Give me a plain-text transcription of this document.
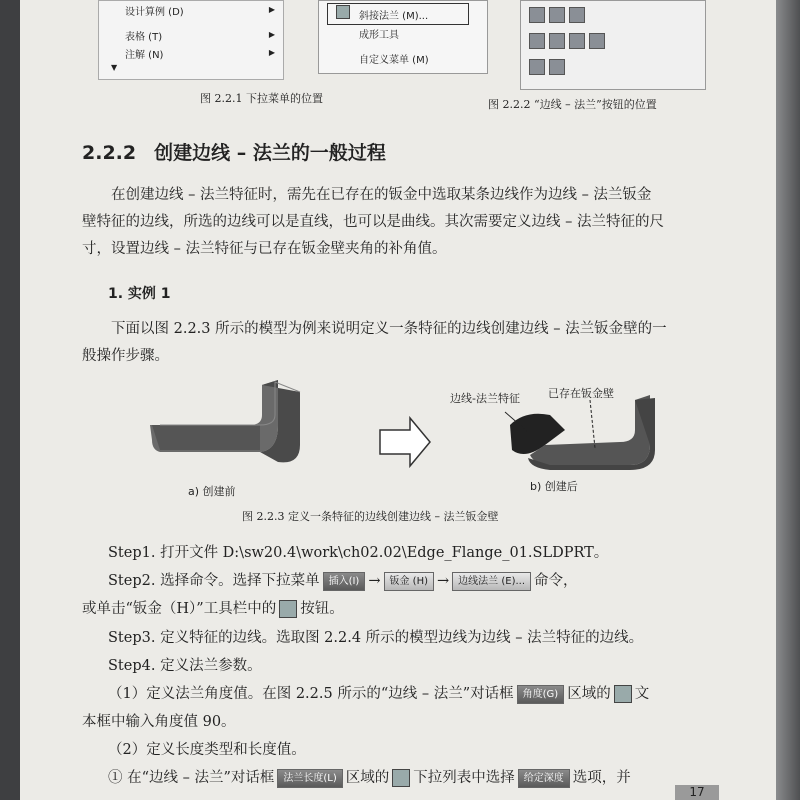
设计算例 (D)	▶
表格 (T)	▶
注解 (N)	▶
▼
斜接法兰 (M)...
成形工具
自定义菜单 (M)
图 2.2.1 下拉菜单的位置	图 2.2.2 “边线 – 法兰”按钮的位置
2.2.2 创建边线 – 法兰的一般过程
在创建边线 – 法兰特征时，需先在已存在的钣金中选取某条边线作为边线 – 法兰钣金
壁特征的边线，所选的边线可以是直线，也可以是曲线。其次需要定义边线 – 法兰特征的尺
寸，设置边线 – 法兰特征与已存在钣金壁夹角的补角值。
1. 实例 1
下面以图 2.2.3 所示的模型为例来说明定义一条特征的边线创建边线 – 法兰钣金壁的一
般操作步骤。
边线-法兰特征	已存在钣金壁
a) 创建前	b) 创建后
图 2.2.3 定义一条特征的边线创建边线 – 法兰钣金壁
Step1. 打开文件 D:\sw20.4\work\ch02.02\Edge_Flange_01.SLDPRT。
Step2. 选择命令。选择下拉菜单 插入(I) → 钣金 (H) → 边线法兰 (E)... 命令，
或单击“钣金（H）”工具栏中的 按钮。
Step3. 定义特征的边线。选取图 2.2.4 所示的模型边线为边线 – 法兰特征的边线。
Step4. 定义法兰参数。
（1）定义法兰角度值。在图 2.2.5 所示的“边线 – 法兰”对话框 角度(G) 区域的 文
本框中输入角度值 90。
（2）定义长度类型和长度值。
① 在“边线 – 法兰”对话框 法兰长度(L) 区域的 下拉列表中选择 给定深度 选项，并
17
